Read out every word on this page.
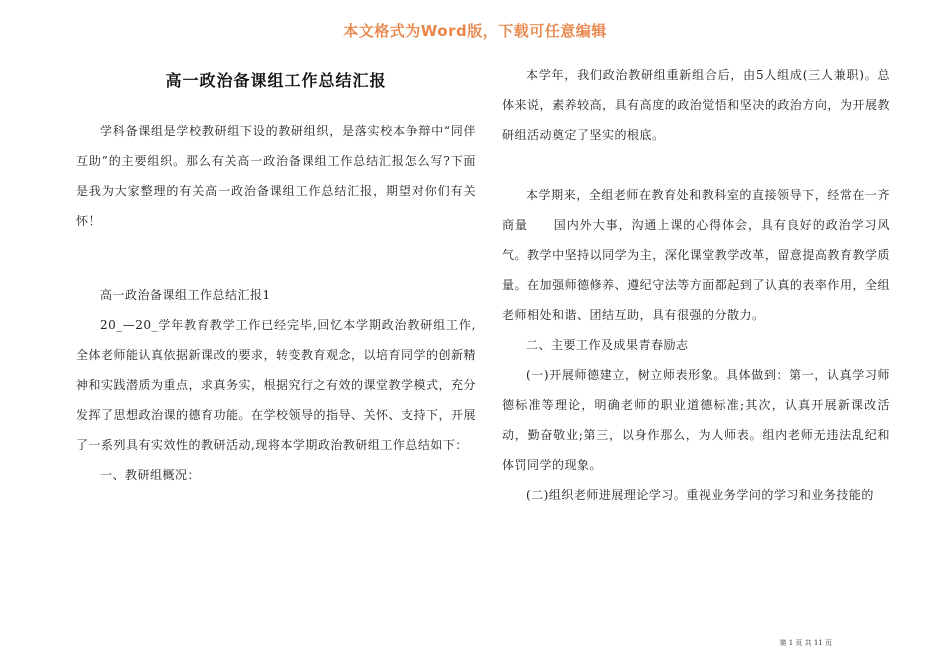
本文格式为Word版，下载可任意编辑
高一政治备课组工作总结汇报

学科备课组是学校教研组下设的教研组织，是落实校本争辩中“同伴互助”的主要组织。那么有关高一政治备课组工作总结汇报怎么写?下面是我为大家整理的有关高一政治备课组工作总结汇报，期望对你们有关怀！

高一政治备课组工作总结汇报1

20_—20_学年教育教学工作已经完毕,回忆本学期政治教研组工作,全体老师能认真依据新课改的要求，转变教育观念，以培育同学的创新精神和实践潜质为重点，求真务实，根据究行之有效的课堂教学模式，充分发挥了思想政治课的德育功能。在学校领导的指导、关怀、支持下，开展了一系列具有实效性的教研活动,现将本学期政治教研组工作总结如下：

一、教研组概况：

本学年，我们政治教研组重新组合后，由5人组成(三人兼职)。总体来说，素养较高，具有高度的政治觉悟和坚决的政治方向，为开展教研组活动奠定了坚实的根底。

本学期来，全组老师在教育处和教科室的直接领导下，经常在一齐商量　　国内外大事，沟通上课的心得体会，具有良好的政治学习风气。教学中坚持以同学为主，深化课堂教学改革，留意提高教育教学质量。在加强师德修养、遵纪守法等方面都起到了认真的表率作用，全组老师相处和谐、团结互助，具有很强的分散力。

二、主要工作及成果青春励志

(一)开展师德建立，树立师表形象。具体做到：第一，认真学习师德标准等理论，明确老师的职业道德标准;其次，认真开展新课改活动，勤奋敬业;第三，以身作那么，为人师表。组内老师无违法乱纪和体罚同学的现象。

(二)组织老师进展理论学习。重视业务学问的学习和业务技能的

第 1 页 共 11 页
